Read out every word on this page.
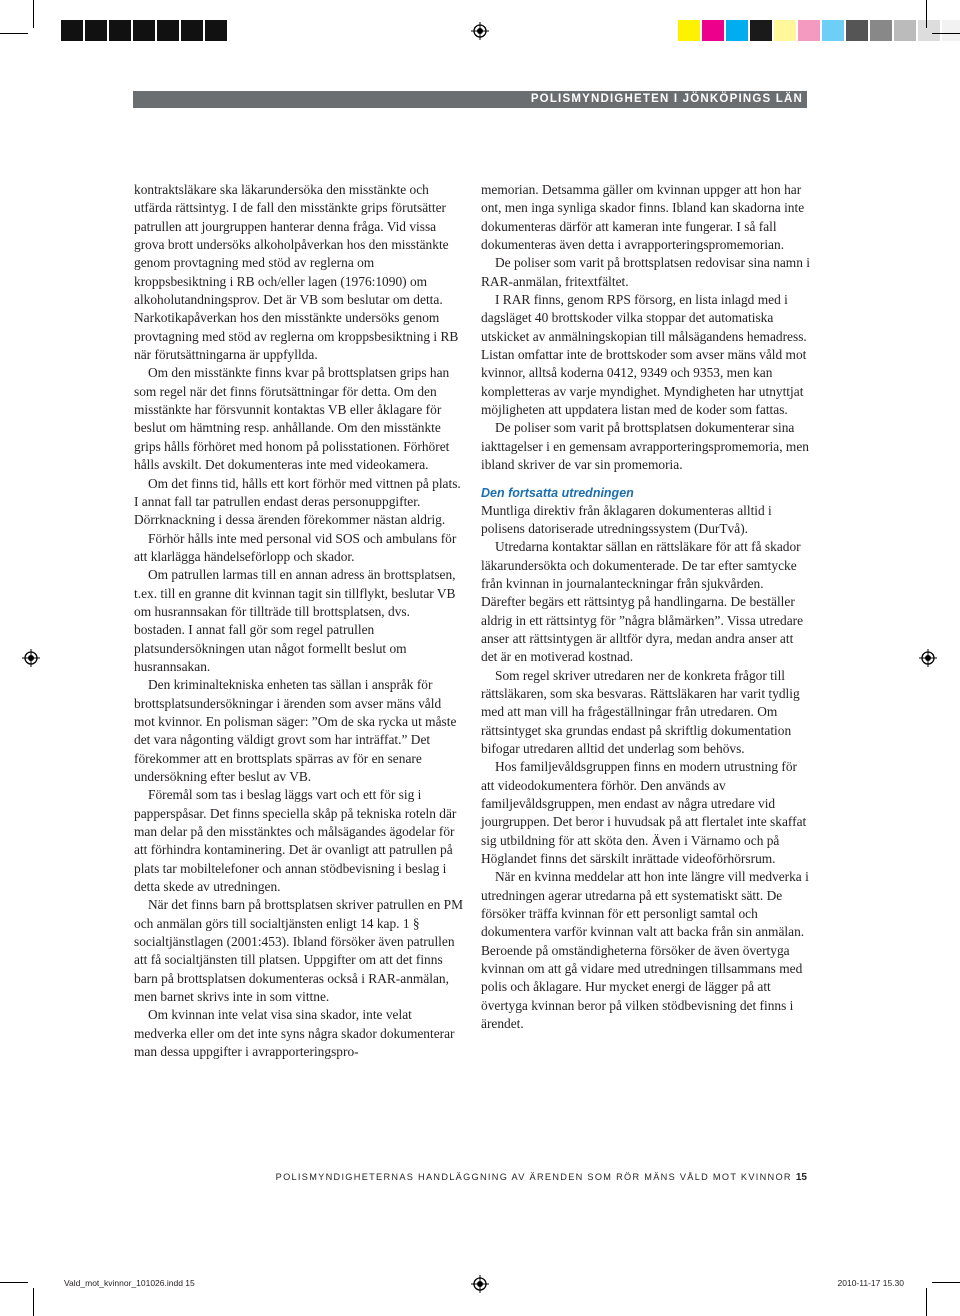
POLISMYNDIGHETEN I JÖNKÖPINGS LÄN

kontraktsläkare ska läkarundersöka den misstänkte och utfärda rättsintyg. I de fall den misstänkte grips förutsätter patrullen att jourgruppen hanterar denna fråga. Vid vissa grova brott undersöks alkoholpåverkan hos den misstänkte genom provtagning med stöd av reglerna om kroppsbesiktning i RB och/eller lagen (1976:1090) om alkoholutandningsprov. Det är VB som beslutar om detta. Narkotikapåverkan hos den misstänkte undersöks genom provtagning med stöd av reglerna om kroppsbesiktning i RB när förutsättningarna är uppfyllda.

Om den misstänkte finns kvar på brottsplatsen grips han som regel när det finns förutsättningar för detta. Om den misstänkte har försvunnit kontaktas VB eller åklagare för beslut om hämtning resp. anhållande. Om den misstänkte grips hålls förhöret med honom på polisstationen. Förhöret hålls avskilt. Det dokumenteras inte med videokamera.

Om det finns tid, hålls ett kort förhör med vittnen på plats. I annat fall tar patrullen endast deras personuppgifter. Dörrknackning i dessa ärenden förekommer nästan aldrig.

Förhör hålls inte med personal vid SOS och ambulans för att klarlägga händelseförlopp och skador.

Om patrullen larmas till en annan adress än brottsplatsen, t.ex. till en granne dit kvinnan tagit sin tillflykt, beslutar VB om husrannsakan för tillträde till brottsplatsen, dvs. bostaden. I annat fall gör som regel patrullen platsundersökningen utan något formellt beslut om husrannsakan.

Den kriminaltekniska enheten tas sällan i anspråk för brottsplatsundersökningar i ärenden som avser mäns våld mot kvinnor. En polisman säger: ”Om de ska rycka ut måste det vara någonting väldigt grovt som har inträffat.” Det förekommer att en brottsplats spärras av för en senare undersökning efter beslut av VB.

Föremål som tas i beslag läggs vart och ett för sig i papperspåsar. Det finns speciella skåp på tekniska roteln där man delar på den misstänktes och målsägandes ägodelar för att förhindra kontaminering. Det är ovanligt att patrullen på plats tar mobiltelefoner och annan stödbevisning i beslag i detta skede av utredningen.

När det finns barn på brottsplatsen skriver patrullen en PM och anmälan görs till socialtjänsten enligt 14 kap. 1 § socialtjänstlagen (2001:453). Ibland försöker även patrullen att få socialtjänsten till platsen. Uppgifter om att det finns barn på brottsplatsen dokumenteras också i RAR-anmälan, men barnet skrivs inte in som vittne.

Om kvinnan inte velat visa sina skador, inte velat medverka eller om det inte syns några skador dokumenterar man dessa uppgifter i avrapporteringspro-

memorian. Detsamma gäller om kvinnan uppger att hon har ont, men inga synliga skador finns. Ibland kan skadorna inte dokumenteras därför att kameran inte fungerar. I så fall dokumenteras även detta i avrapporteringspromemorian.

De poliser som varit på brottsplatsen redovisar sina namn i RAR-anmälan, fritextfältet.

I RAR finns, genom RPS försorg, en lista inlagd med i dagsläget 40 brottskoder vilka stoppar det automatiska utskicket av anmälningskopian till målsägandens hemadress. Listan omfattar inte de brottskoder som avser mäns våld mot kvinnor, alltså koderna 0412, 9349 och 9353, men kan kompletteras av varje myndighet. Myndigheten har utnyttjat möjligheten att uppdatera listan med de koder som fattas.

De poliser som varit på brottsplatsen dokumenterar sina iakttagelser i en gemensam avrapporteringspromemoria, men ibland skriver de var sin promemoria.

Den fortsatta utredningen

Muntliga direktiv från åklagaren dokumenteras alltid i polisens datoriserade utredningssystem (DurTvå).

Utredarna kontaktar sällan en rättsläkare för att få skador läkarundersökta och dokumenterade. De tar efter samtycke från kvinnan in journalanteckningar från sjukvården. Därefter begärs ett rättsintyg på handlingarna. De beställer aldrig in ett rättsintyg för ”några blåmärken”. Vissa utredare anser att rättsintygen är alltför dyra, medan andra anser att det är en motiverad kostnad.

Som regel skriver utredaren ner de konkreta frågor till rättsläkaren, som ska besvaras. Rättsläkaren har varit tydlig med att man vill ha frågeställningar från utredaren. Om rättsintyget ska grundas endast på skriftlig dokumentation bifogar utredaren alltid det underlag som behövs.

Hos familjevåldsgruppen finns en modern utrustning för att videodokumentera förhör. Den används av familjevåldsgruppen, men endast av några utredare vid jourgruppen. Det beror i huvudsak på att flertalet inte skaffat sig utbildning för att sköta den. Även i Värnamo och på Höglandet finns det särskilt inrättade videoförhörsrum.

När en kvinna meddelar att hon inte längre vill medverka i utredningen agerar utredarna på ett systematiskt sätt. De försöker träffa kvinnan för ett personligt samtal och dokumentera varför kvinnan valt att backa från sin anmälan. Beroende på omständigheterna försöker de även övertyga kvinnan om att gå vidare med utredningen tillsammans med polis och åklagare. Hur mycket energi de lägger på att övertyga kvinnan beror på vilken stödbevisning det finns i ärendet.

POLISMYNDIGHETERNAS HANDLÄGGNING AV ÄRENDEN SOM RÖR MÄNS VÅLD MOT KVINNOR 15
Vald_mot_kvinnor_101026.indd 15	2010-11-17 15.30
